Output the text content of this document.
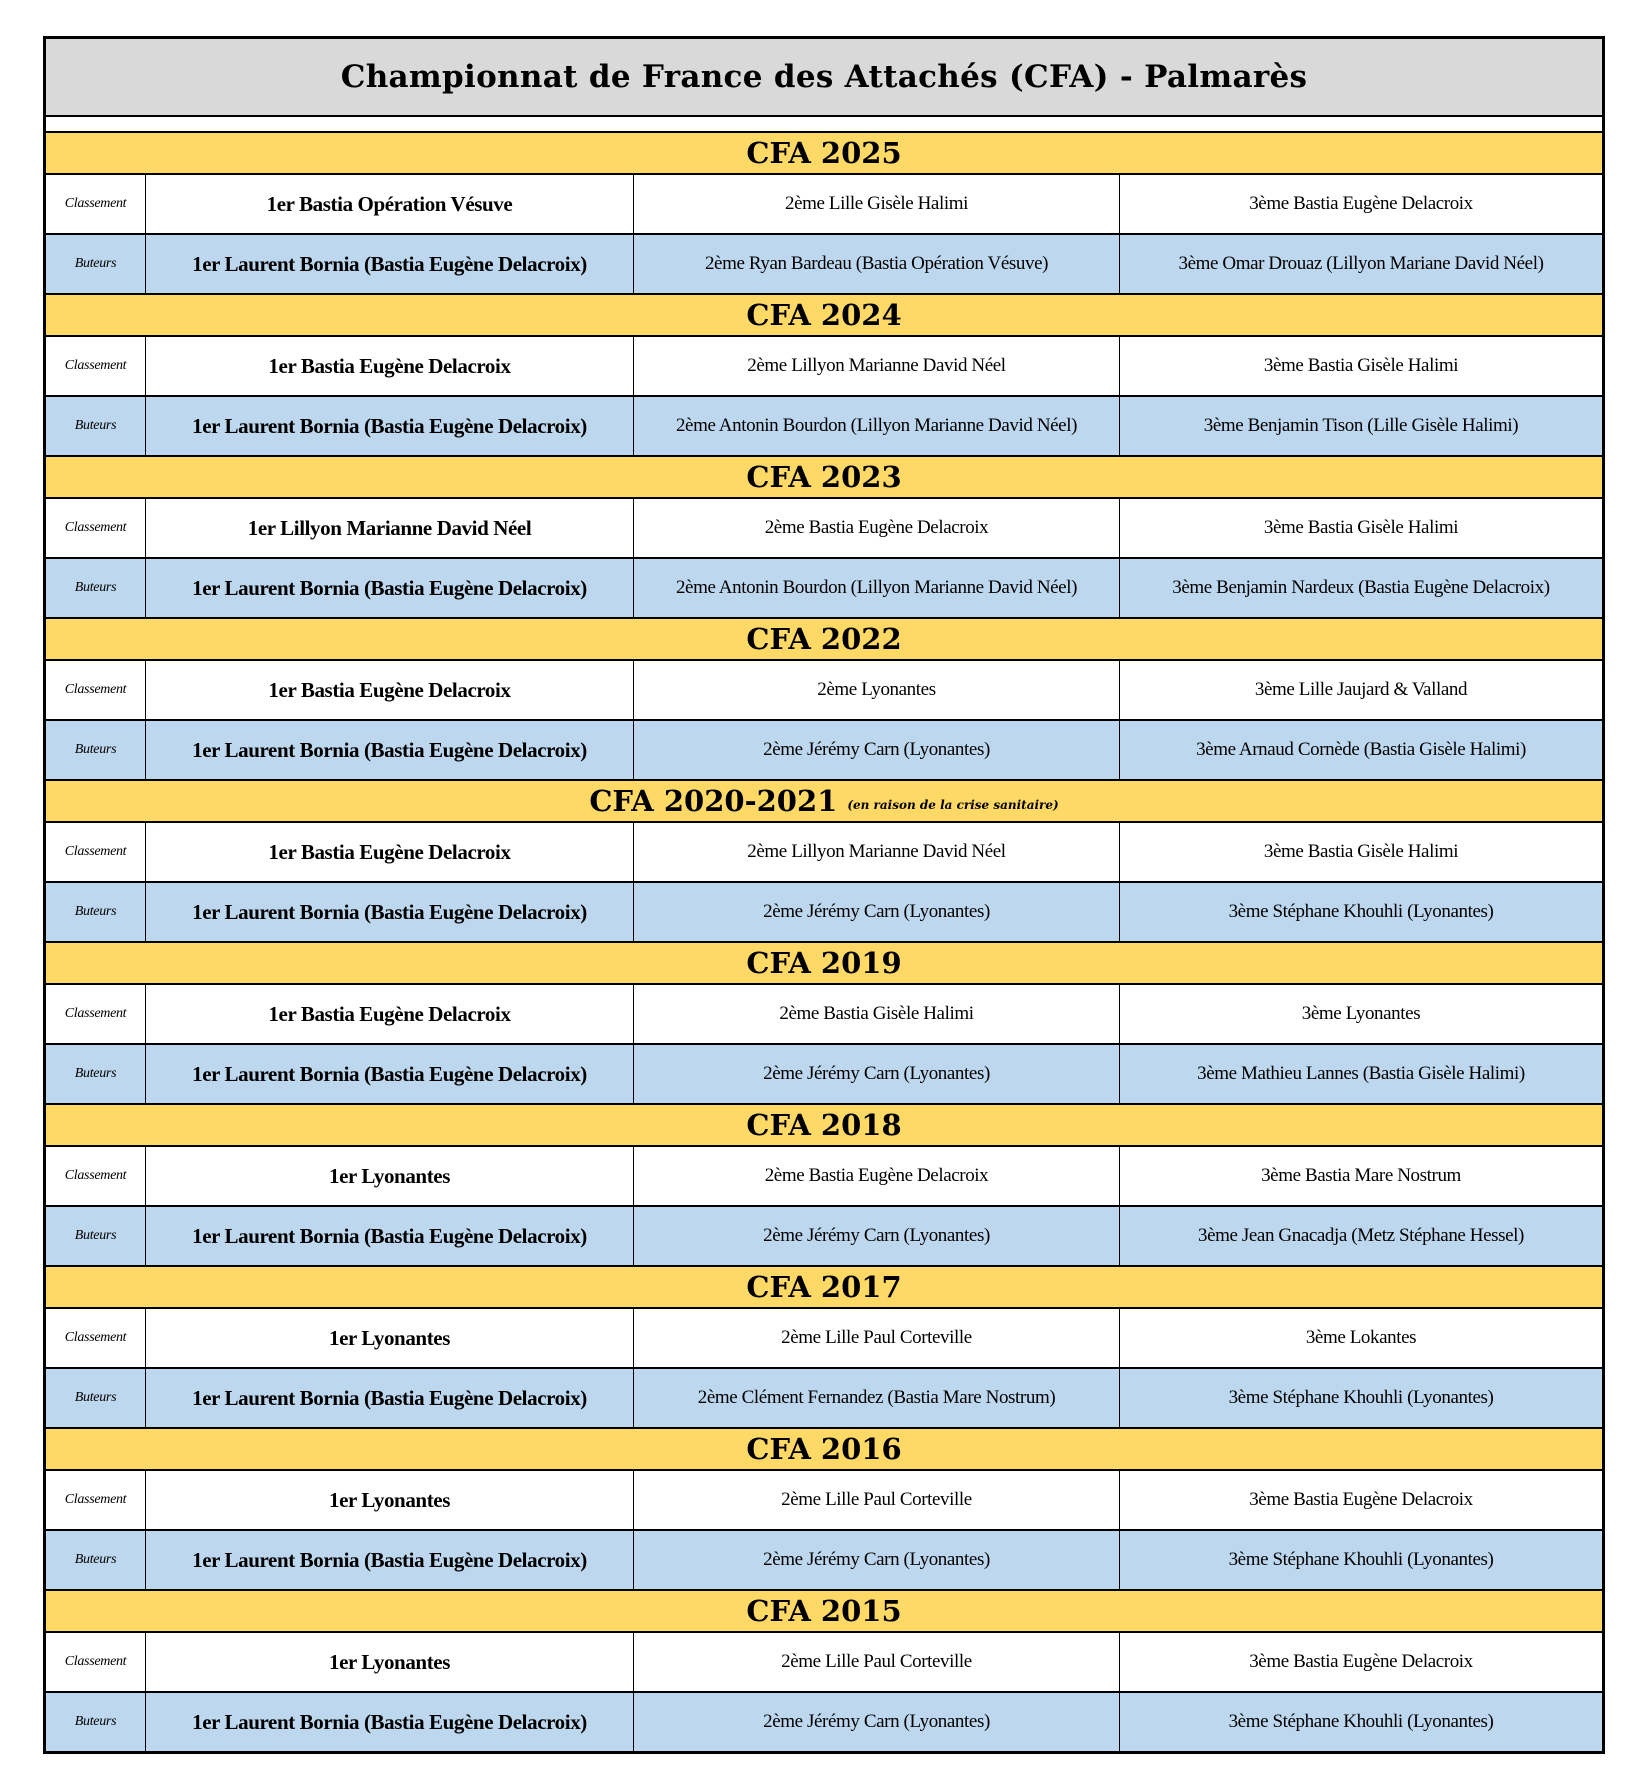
Championnat de France des Attachés (CFA) - Palmarès
CFA 2025
Classement	1er Bastia Opération Vésuve	2ème Lille Gisèle Halimi	3ème Bastia Eugène Delacroix
Buteurs	1er Laurent Bornia (Bastia Eugène Delacroix)	2ème Ryan Bardeau (Bastia Opération Vésuve)	3ème Omar Drouaz (Lillyon Mariane David Néel)
CFA 2024
Classement	1er Bastia Eugène Delacroix	2ème Lillyon Marianne David Néel	3ème Bastia Gisèle Halimi
Buteurs	1er Laurent Bornia (Bastia Eugène Delacroix)	2ème Antonin Bourdon (Lillyon Marianne David Néel)	3ème Benjamin Tison (Lille Gisèle Halimi)
CFA 2023
Classement	1er Lillyon Marianne David Néel	2ème Bastia Eugène Delacroix	3ème Bastia Gisèle Halimi
Buteurs	1er Laurent Bornia (Bastia Eugène Delacroix)	2ème Antonin Bourdon (Lillyon Marianne David Néel)	3ème Benjamin Nardeux (Bastia Eugène Delacroix)
CFA 2022
Classement	1er Bastia Eugène Delacroix	2ème Lyonantes	3ème Lille Jaujard & Valland
Buteurs	1er Laurent Bornia (Bastia Eugène Delacroix)	2ème Jérémy Carn (Lyonantes)	3ème Arnaud Cornède (Bastia Gisèle Halimi)
CFA 2020-2021 (en raison de la crise sanitaire)
Classement	1er Bastia Eugène Delacroix	2ème Lillyon Marianne David Néel	3ème Bastia Gisèle Halimi
Buteurs	1er Laurent Bornia (Bastia Eugène Delacroix)	2ème Jérémy Carn (Lyonantes)	3ème Stéphane Khouhli (Lyonantes)
CFA 2019
Classement	1er Bastia Eugène Delacroix	2ème Bastia Gisèle Halimi	3ème Lyonantes
Buteurs	1er Laurent Bornia (Bastia Eugène Delacroix)	2ème Jérémy Carn (Lyonantes)	3ème Mathieu Lannes (Bastia Gisèle Halimi)
CFA 2018
Classement	1er Lyonantes	2ème Bastia Eugène Delacroix	3ème Bastia Mare Nostrum
Buteurs	1er Laurent Bornia (Bastia Eugène Delacroix)	2ème Jérémy Carn (Lyonantes)	3ème Jean Gnacadja (Metz Stéphane Hessel)
CFA 2017
Classement	1er Lyonantes	2ème Lille Paul Corteville	3ème Lokantes
Buteurs	1er Laurent Bornia (Bastia Eugène Delacroix)	2ème Clément Fernandez (Bastia Mare Nostrum)	3ème Stéphane Khouhli (Lyonantes)
CFA 2016
Classement	1er Lyonantes	2ème Lille Paul Corteville	3ème Bastia Eugène Delacroix
Buteurs	1er Laurent Bornia (Bastia Eugène Delacroix)	2ème Jérémy Carn (Lyonantes)	3ème Stéphane Khouhli (Lyonantes)
CFA 2015
Classement	1er Lyonantes	2ème Lille Paul Corteville	3ème Bastia Eugène Delacroix
Buteurs	1er Laurent Bornia (Bastia Eugène Delacroix)	2ème Jérémy Carn (Lyonantes)	3ème Stéphane Khouhli (Lyonantes)
